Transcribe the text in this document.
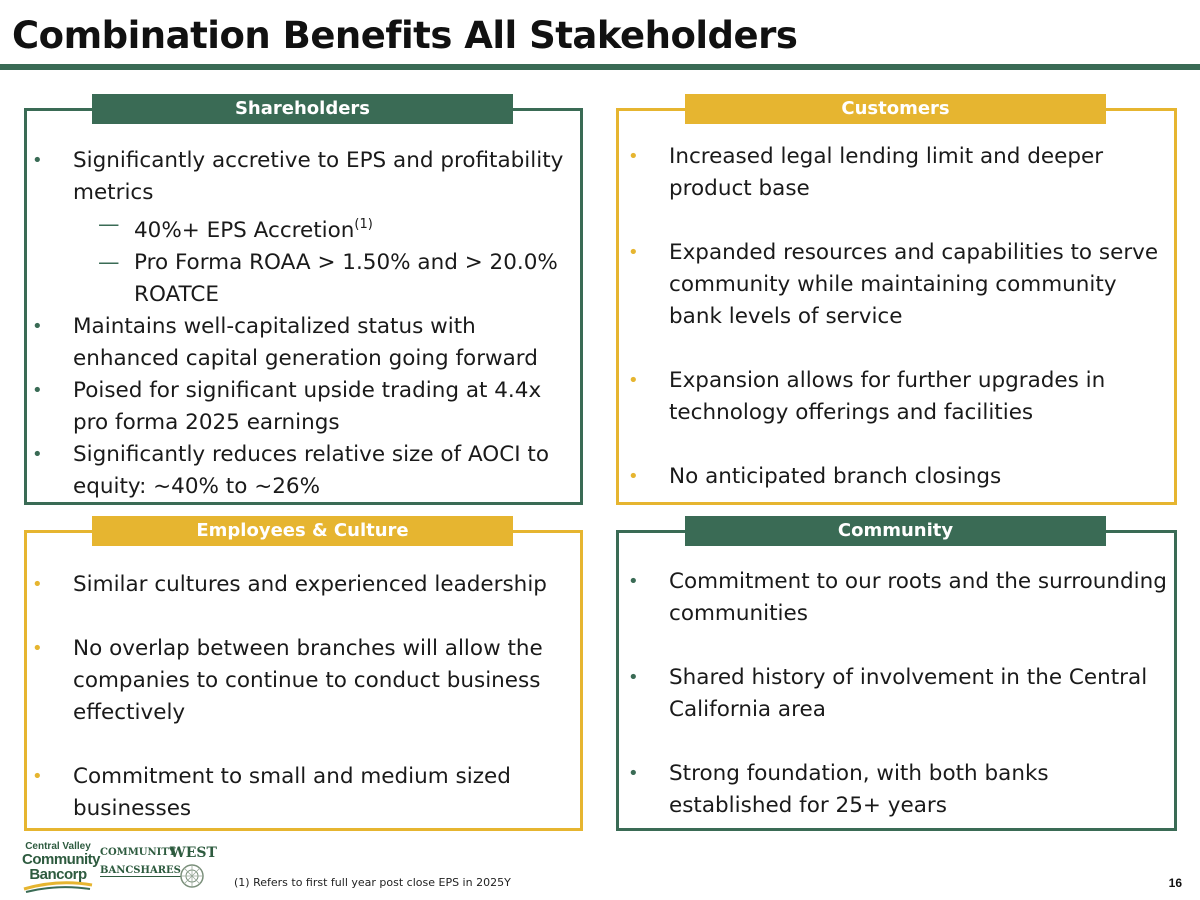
Combination Benefits All Stakeholders
Shareholders
• Significantly accretive to EPS and profitability metrics
— 40%+ EPS Accretion$^{(1)}$
— Pro Forma ROAA > 1.50% and > 20.0% ROATCE
• Maintains well-capitalized status with enhanced capital generation going forward
• Poised for significant upside trading at 4.4x pro forma 2025 earnings
• Significantly reduces relative size of AOCI to equity: ~40% to ~26%
Customers
• Increased legal lending limit and deeper product base
• Expanded resources and capabilities to serve community while maintaining community bank levels of service
• Expansion allows for further upgrades in technology offerings and facilities
• No anticipated branch closings
Employees & Culture
• Similar cultures and experienced leadership
• No overlap between branches will allow the companies to continue to conduct business effectively
• Commitment to small and medium sized businesses
Community
• Commitment to our roots and the surrounding communities
• Shared history of involvement in the Central California area
• Strong foundation, with both banks established for 25+ years
Central Valley
Community
Bancorp
COMMUNITY
WEST
BANCSHARES
(1) Refers to first full year post close EPS in 2025Y	16
